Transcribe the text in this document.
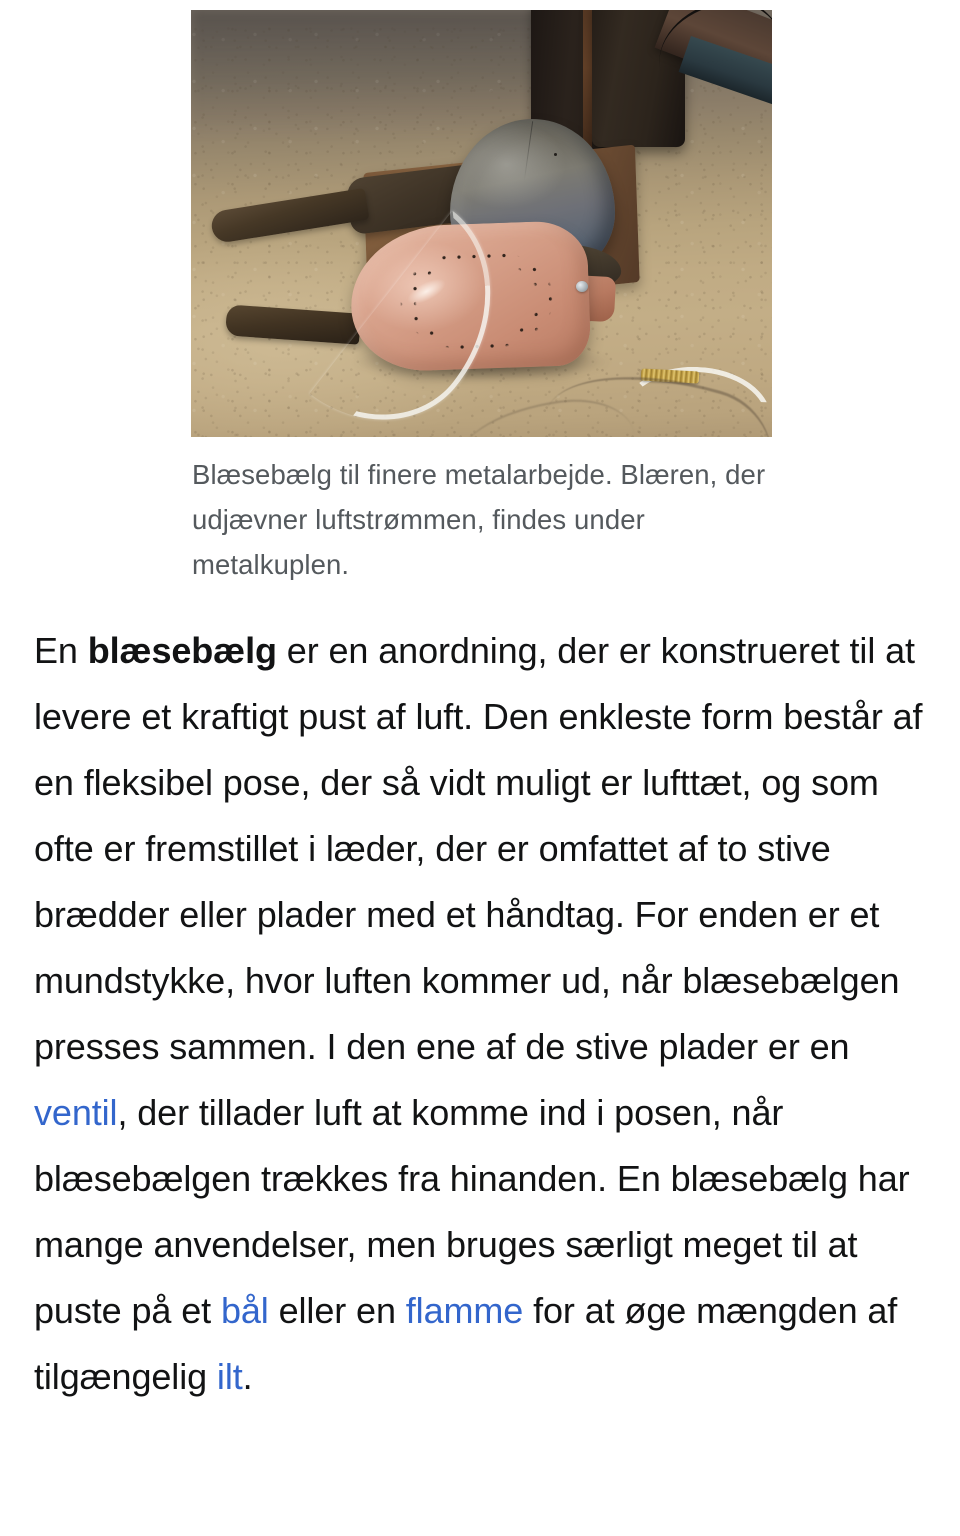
Blæsebælg til finere metalarbejde. Blæren, der udjævner luftstrømmen, findes under metalkuplen.
En blæsebælg er en anordning, der er konstrueret til at levere et kraftigt pust af luft. Den enkleste form består af en fleksibel pose, der så vidt muligt er lufttæt, og som ofte er fremstillet i læder, der er omfattet af to stive brædder eller plader med et håndtag. For enden er et mundstykke, hvor luften kommer ud, når blæsebælgen presses sammen. I den ene af de stive plader er en ventil, der tillader luft at komme ind i posen, når blæsebælgen trækkes fra hinanden. En blæsebælg har mange anvendelser, men bruges særligt meget til at puste på et bål eller en flamme for at øge mængden af tilgængelig ilt.
